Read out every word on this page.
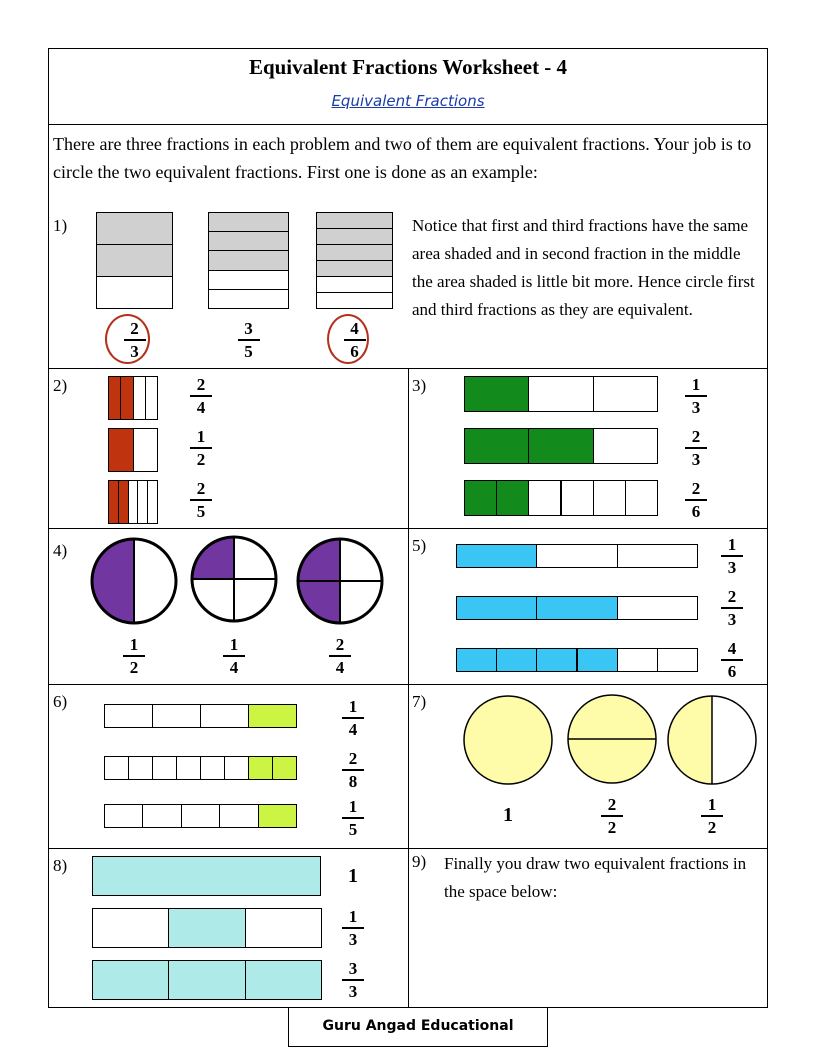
Equivalent Fractions Worksheet - 4
Equivalent Fractions
There are three fractions in each problem and two of them are equivalent fractions. Your job is to circle the two equivalent fractions. First one is done as an example:
1)	Notice that first and third fractions have the same area shaded and in second fraction in the middle the area shaded is little bit more. Hence circle first and third fractions as they are equivalent.
2)	3)
4)	5)
6)	7)
8)	9) Finally you draw two equivalent fractions in the space below:
Guru Angad Educational
2
3
3
5
4
6
2
4
1
2
2
5
1
3
2
3
2
6
1
2
1
4
2
4
1
3
2
3
4
6
1
4
2
8
1
5
1	2
2
1
2
1
1
3
3
3
